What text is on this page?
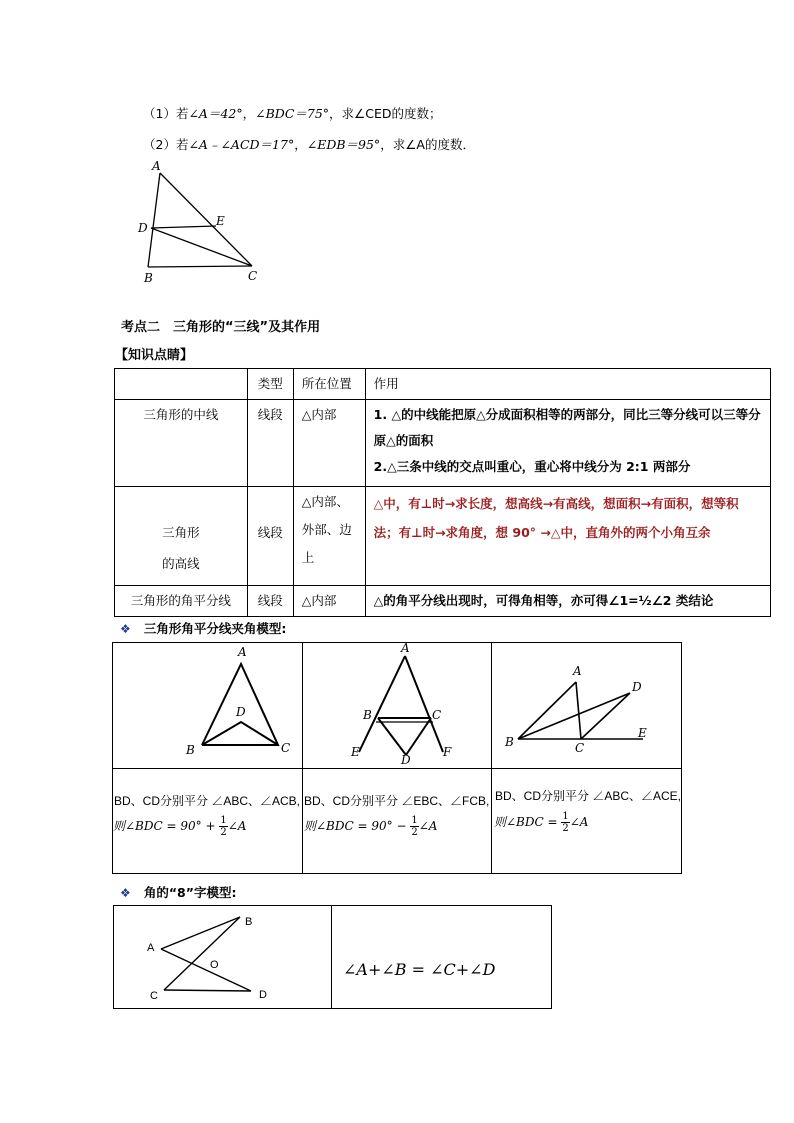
（1）若∠A＝42°，∠BDC＝75°，求∠CED的度数；
（2）若∠A﹣∠ACD＝17°，∠EDB＝95°，求∠A的度数．
A
D	E
B	C
考点二　三角形的“三线”及其作用
【知识点睛】

	类型	所在位置	作用

三角形的中线	线段	△内部	1. △的中线能把原△分成面积相等的两部分，同比三等分线可以三等分原△的面积
2.△三条中线的交点叫重心，重心将中线分为 2:1 两部分

三角形
的高线	线段	△内部、外部、边上	△中，有⊥时→求长度，想高线→有高线，想面积→有面积，想等积法；有⊥时→求角度，想 90° →△中，直角外的两个小角互余

三角形的角平分线	线段	△内部	△的角平分线出现时，可得角相等，亦可得∠1=½∠2 类结论
❖ 三角形角平分线夹角模型:
A
D
B	C
A
B	C
E
D
F
A
D
B	C
E
BD、CD分别平分 ∠ABC、∠ACB,
则∠BDC = $90^\circ + \frac{1}{2}$ ∠A
BD、CD分别平分 ∠EBC、∠FCB,
则∠BDC = $90^\circ - \frac{1}{2}$ ∠A
BD、CD分别平分 ∠ABC、∠ACE,
则∠BDC = $\frac{1}{2}$ ∠A
❖ 角的“8”字模型:
A
B
O
C	D
∠A+∠B = ∠C+∠D
